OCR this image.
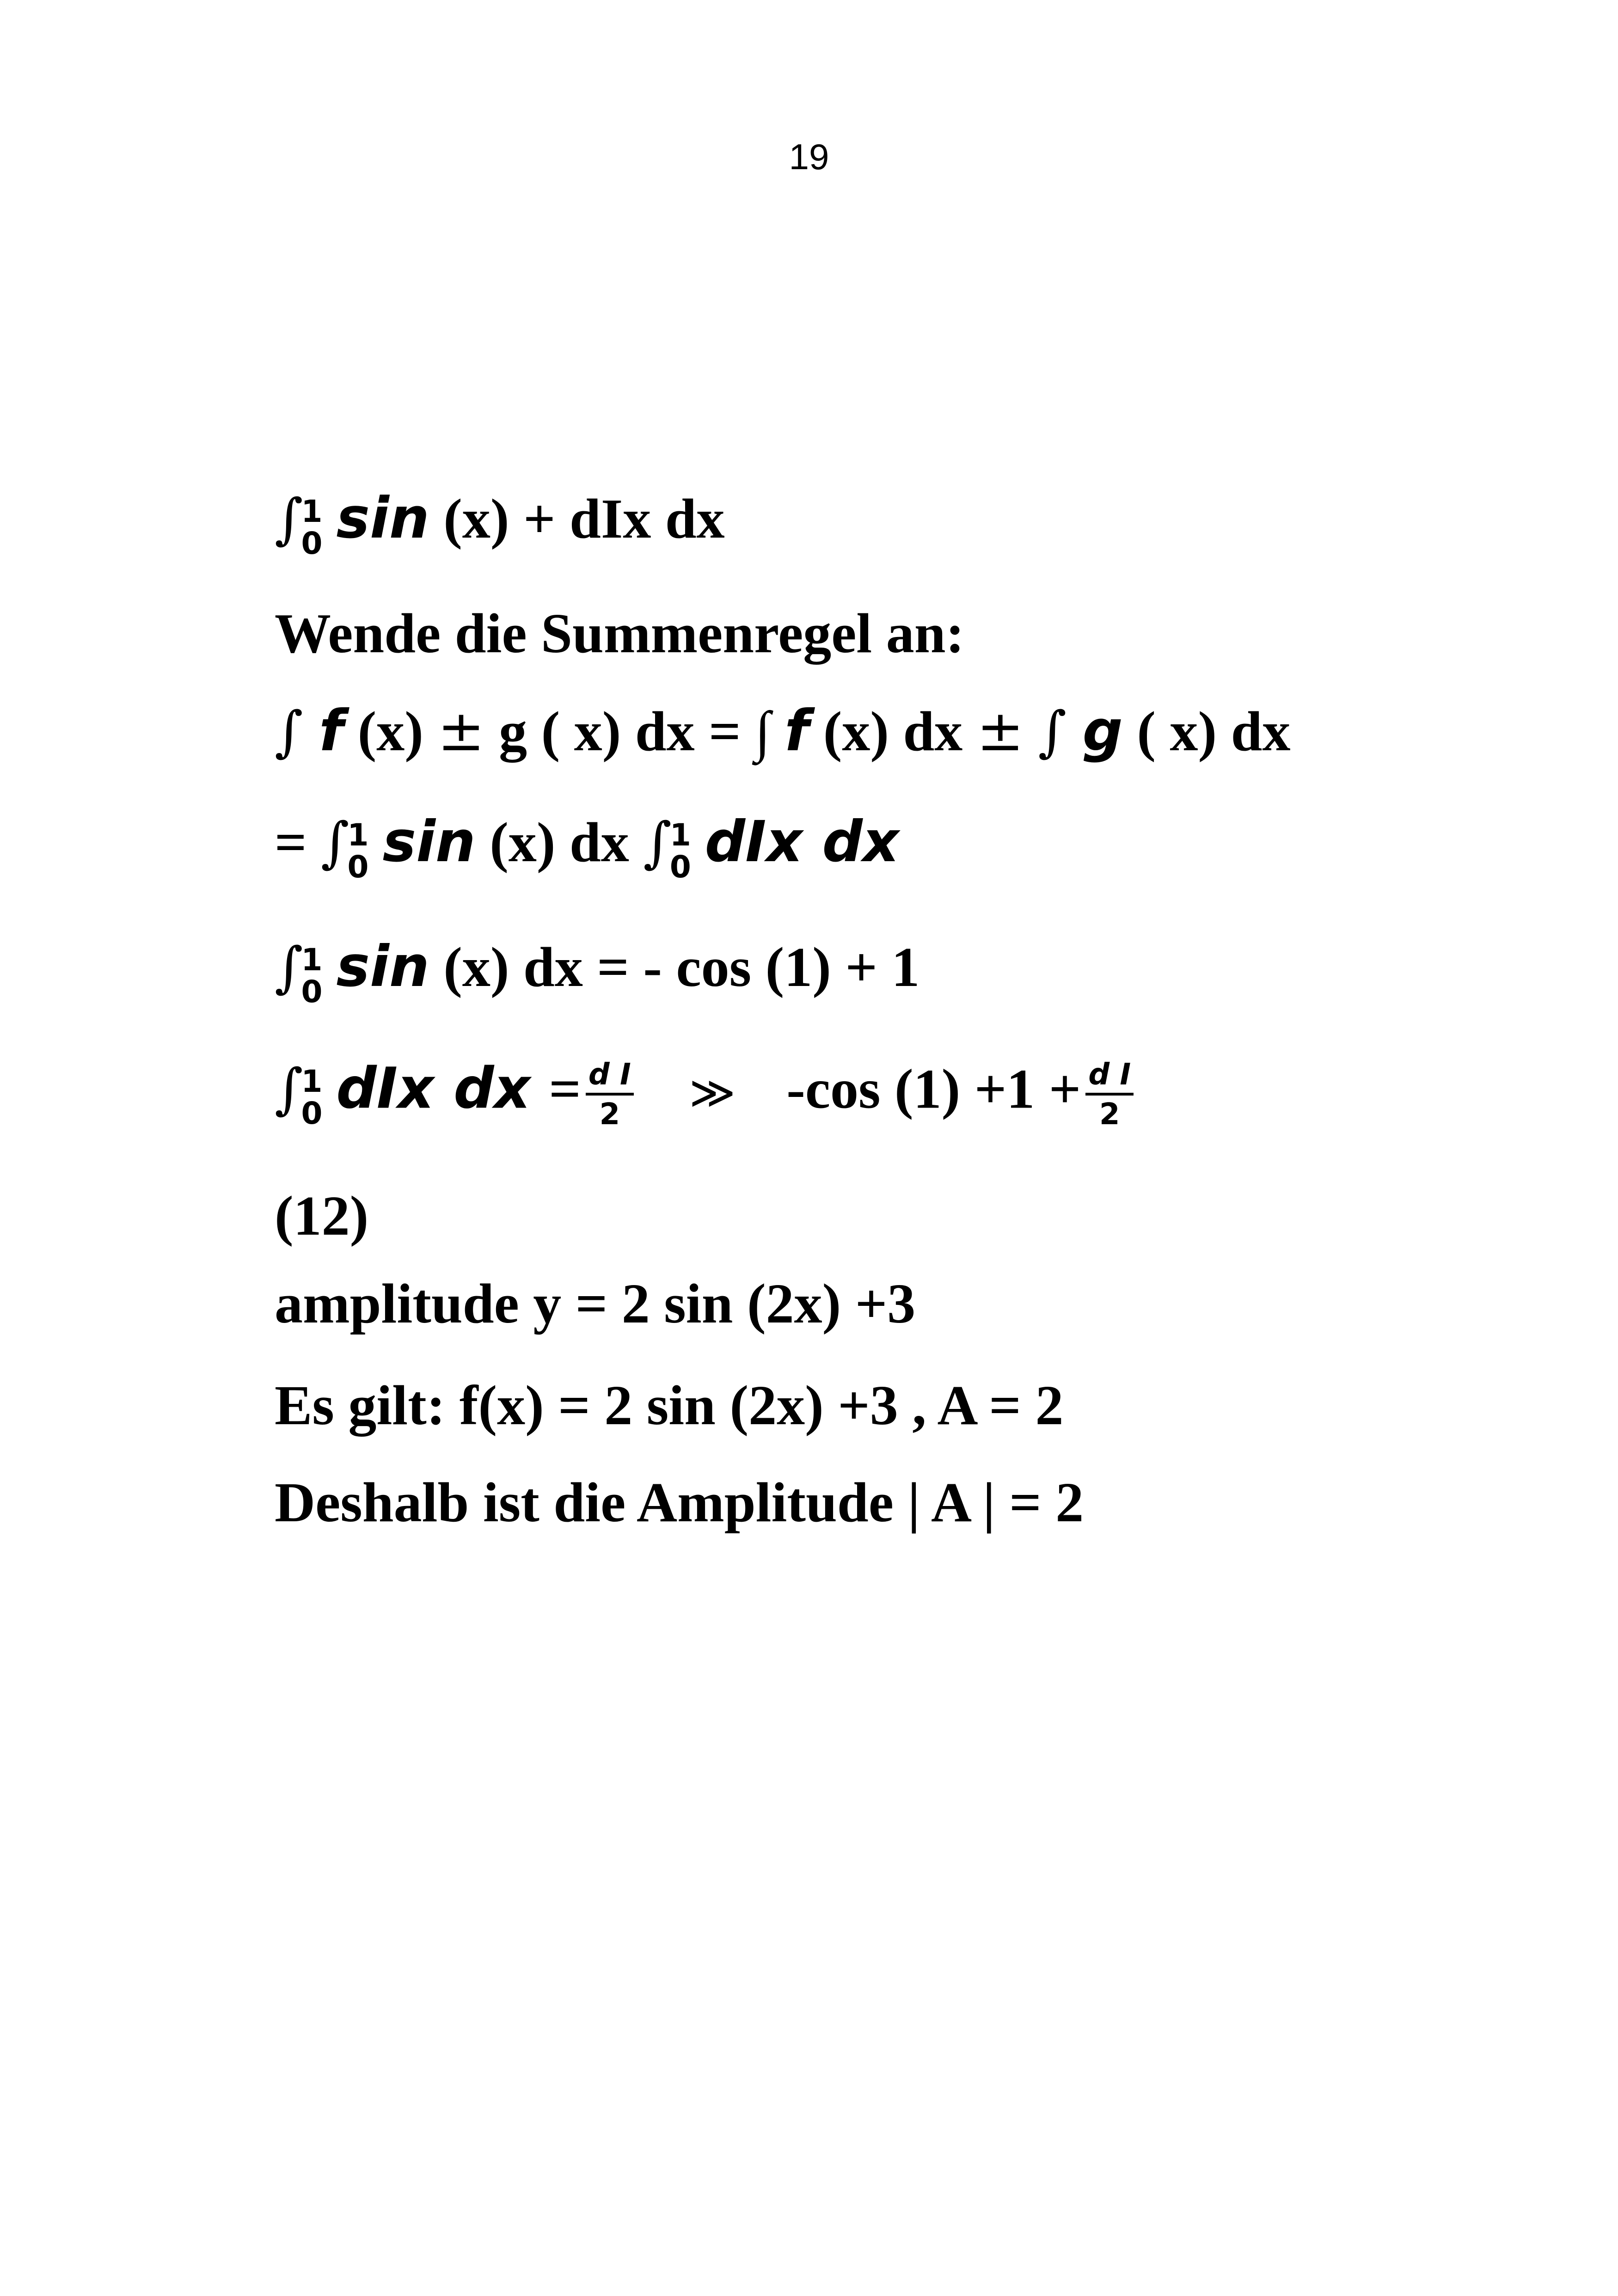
19
∫
1
0 sin (x) + dIx dx
Wende die Summenregel an:
∫ f (x) ± g ( x) dx = ∫ f (x) dx ± ∫ g ( x) dx
= ∫
1
0 sin (x) dx ∫
1
0 dIx dx
∫
1
0 sin (x) dx = - cos (1) + 1
∫
1
0 dIx dx = $\frac{\text{d I}}{2}$ ≫ -cos $(1) +1 + \frac{\text{d I}}{2}$
(12)
amplitude y = 2 sin (2x) +3
Es gilt: f(x) = 2 sin (2x) +3 , A = 2
Deshalb ist die Amplitude | A | = 2
